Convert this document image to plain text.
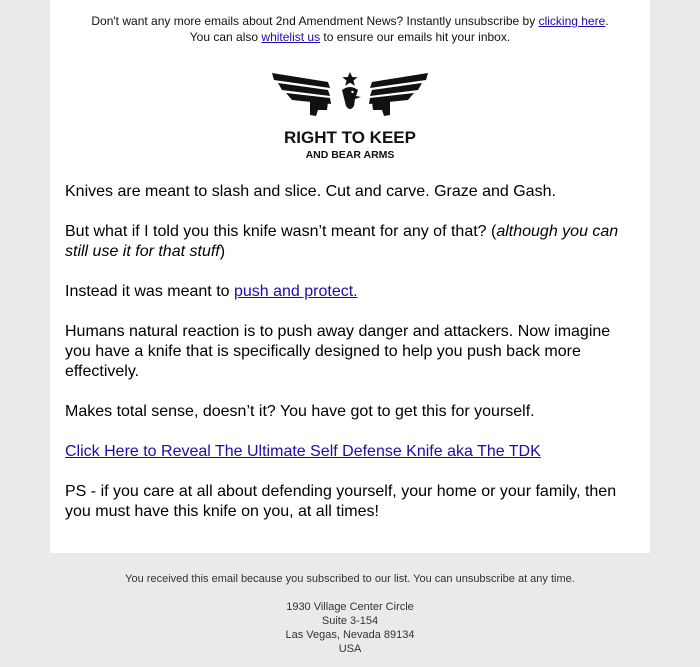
Don't want any more emails about 2nd Amendment News? Instantly unsubscribe by clicking here.
You can also whitelist us to ensure our emails hit your inbox.
RIGHT TO KEEP
AND BEAR ARMS

Knives are meant to slash and slice. Cut and carve. Graze and Gash.

But what if I told you this knife wasn’t meant for any of that? (although you can still use it for that stuff)

Instead it was meant to push and protect.

Humans natural reaction is to push away danger and attackers. Now imagine you have a knife that is specifically designed to help you push back more effectively.

Makes total sense, doesn’t it? You have got to get this for yourself.

Click Here to Reveal The Ultimate Self Defense Knife aka The TDK

PS - if you care at all about defending yourself, your home or your family, then you must have this knife on you, at all times!

You received this email because you subscribed to our list. You can unsubscribe at any time.
1930 Village Center Circle
Suite 3-154
Las Vegas, Nevada 89134
USA
